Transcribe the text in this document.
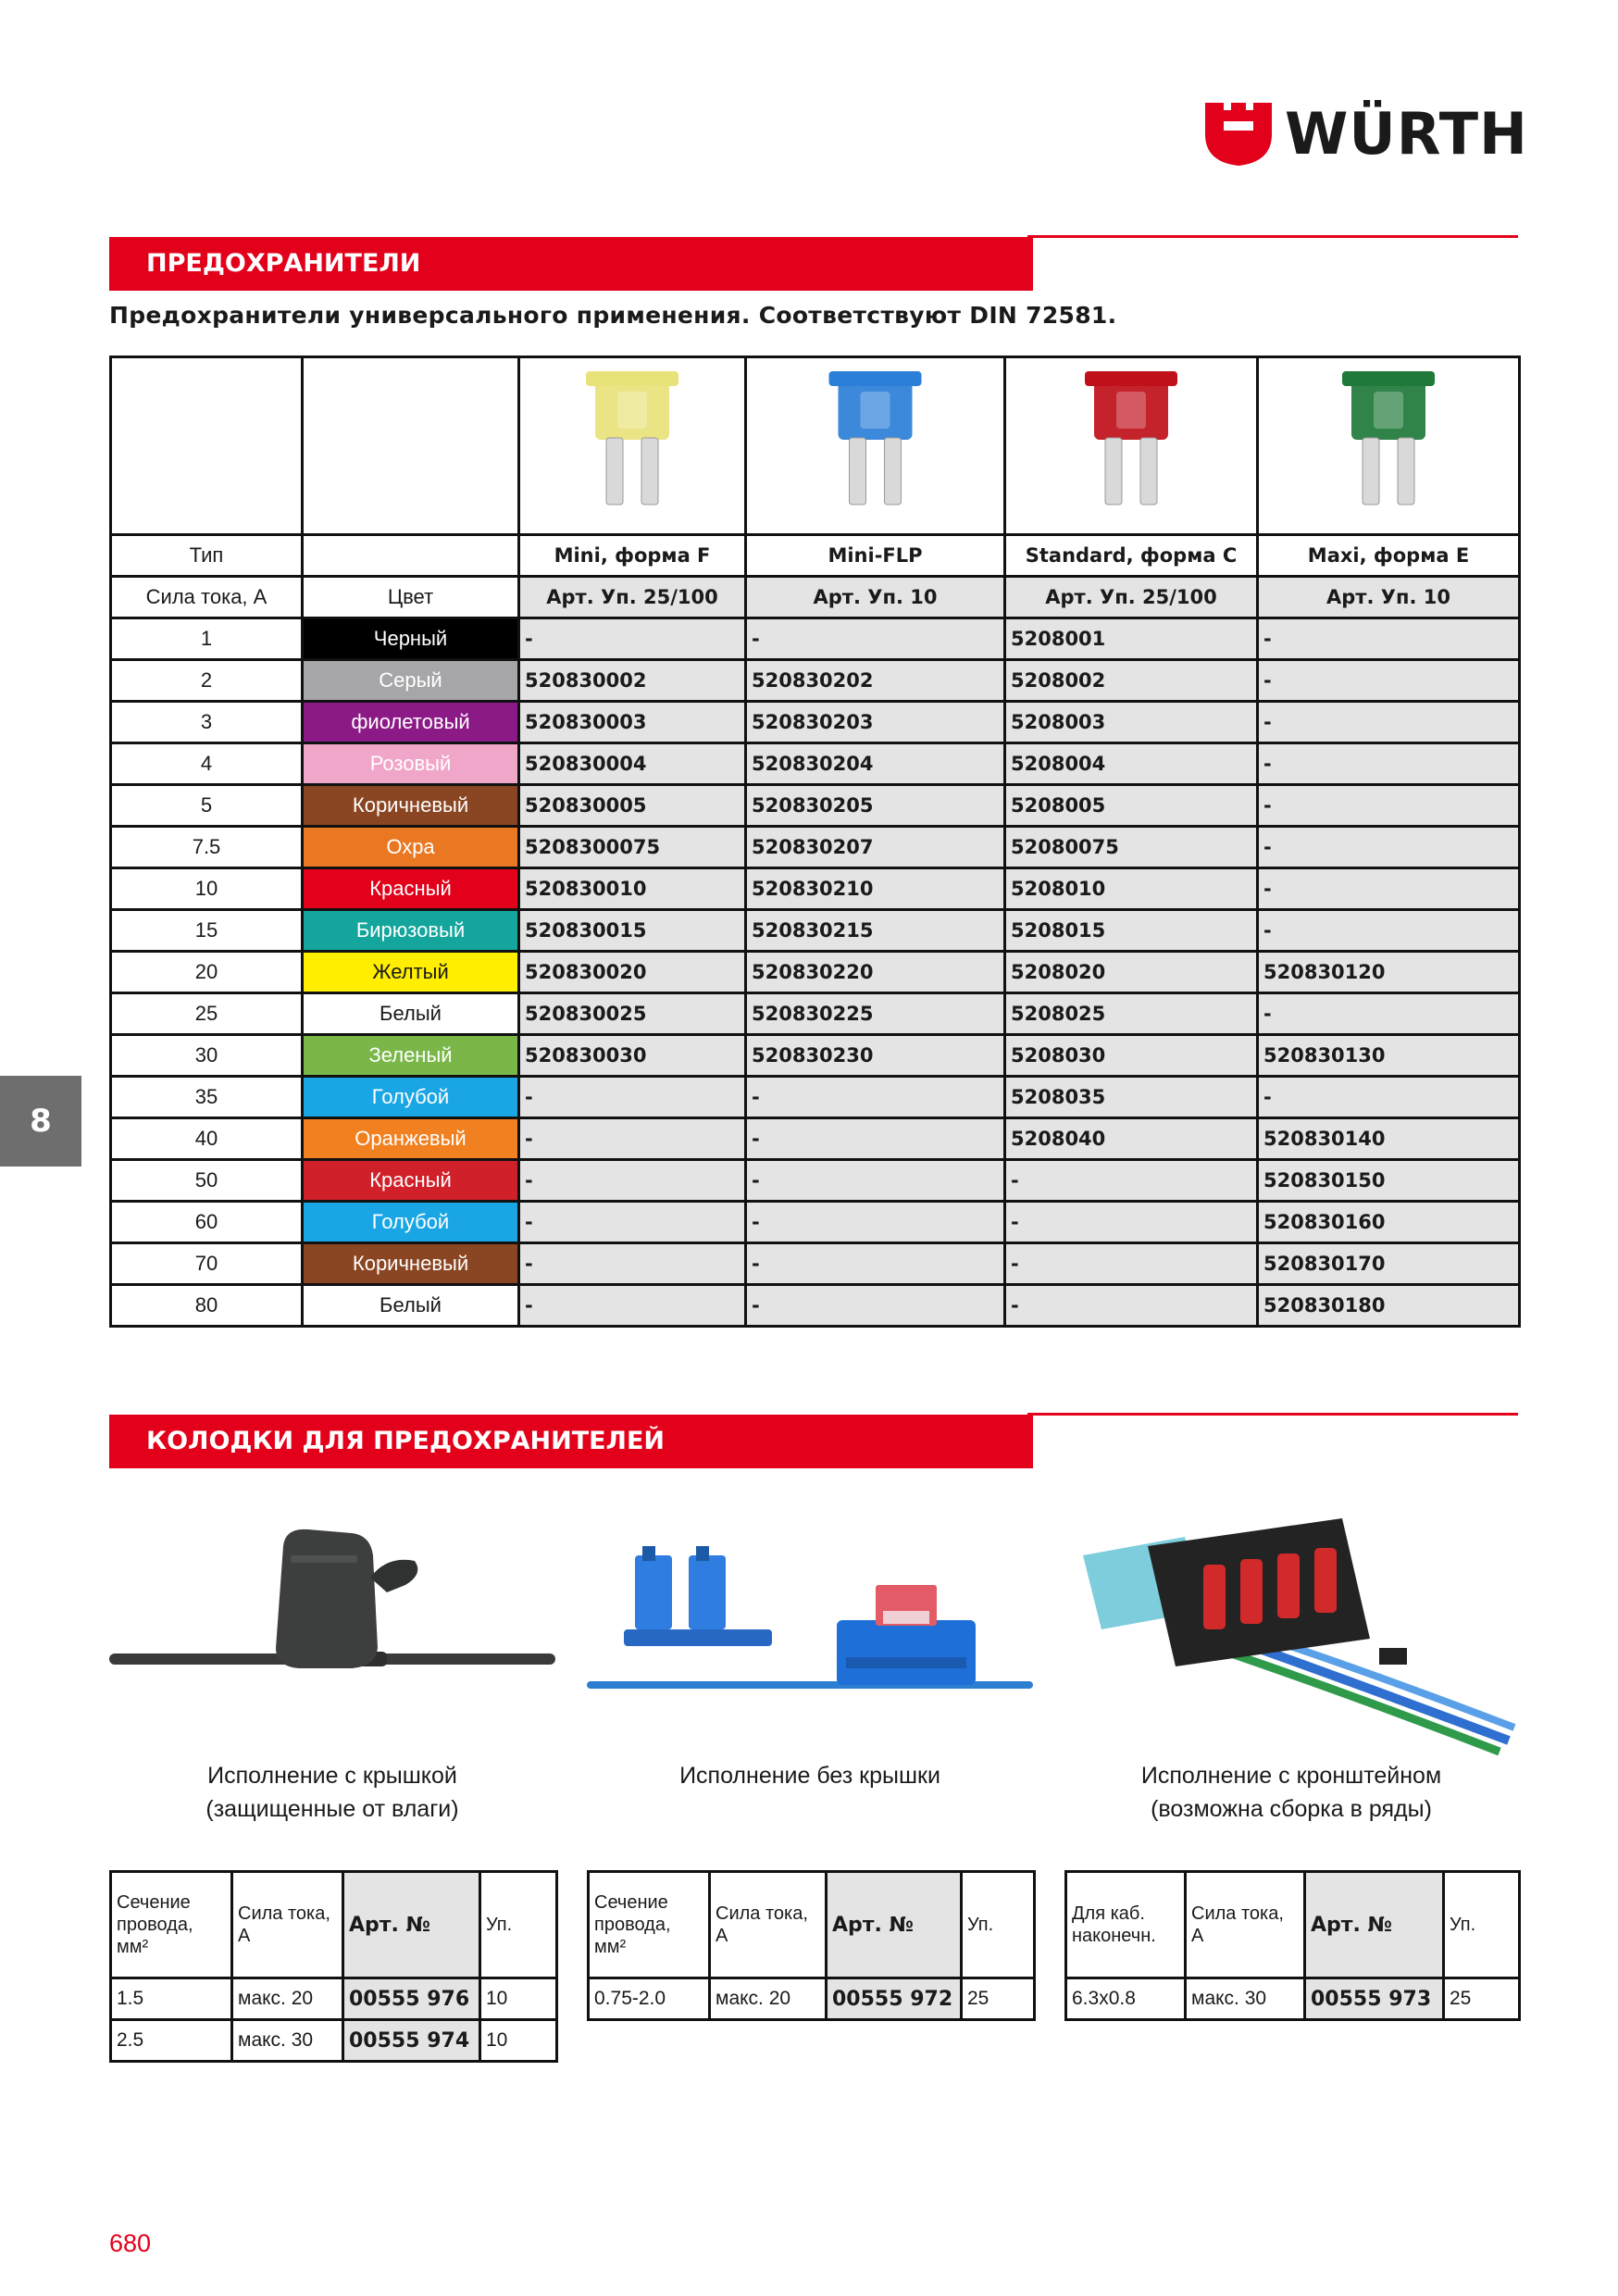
WÜRTH
ПРЕДОХРАНИТЕЛИ
Предохранители универсального применения. Соответствуют DIN 72581.

Тип		Mini, форма F	Mini-FLP	Standard, форма C	Maxi, форма E
Сила тока, А	Цвет	Арт. Уп. 25/100	Арт. Уп. 10	Арт. Уп. 25/100	Арт. Уп. 10
1	Черный	-	-	5208001	-
2	Серый	520830002	520830202	5208002	-
3	фиолетовый	520830003	520830203	5208003	-
4	Розовый	520830004	520830204	5208004	-
5	Коричневый	520830005	520830205	5208005	-
7.5	Охра	5208300075	520830207	52080075	-
10	Красный	520830010	520830210	5208010	-
15	Бирюзовый	520830015	520830215	5208015	-
20	Желтый	520830020	520830220	5208020	520830120
25	Белый	520830025	520830225	5208025	-
30	Зеленый	520830030	520830230	5208030	520830130
35	Голубой	-	-	5208035	-
40	Оранжевый	-	-	5208040	520830140
50	Красный	-	-	-	520830150
60	Голубой	-	-	-	520830160
70	Коричневый	-	-	-	520830170
80	Белый	-	-	-	520830180
8
КОЛОДКИ ДЛЯ ПРЕДОХРАНИТЕЛЕЙ
Исполнение с крышкой
(защищенные от влаги)
Исполнение без крышки	Исполнение с кронштейном
(возможна сборка в ряды)
Сечение провода, мм²	Сила тока, А	Арт. №	Уп.
1.5	макс. 20	00555 976	10
2.5	макс. 30	00555 974	10
Сечение провода, мм²	Сила тока, А	Арт. №	Уп.
0.75-2.0	макс. 20	00555 972	25
Для каб. наконечн.	Сила тока, А	Арт. №	Уп.
6.3x0.8	макс. 30	00555 973	25
680
